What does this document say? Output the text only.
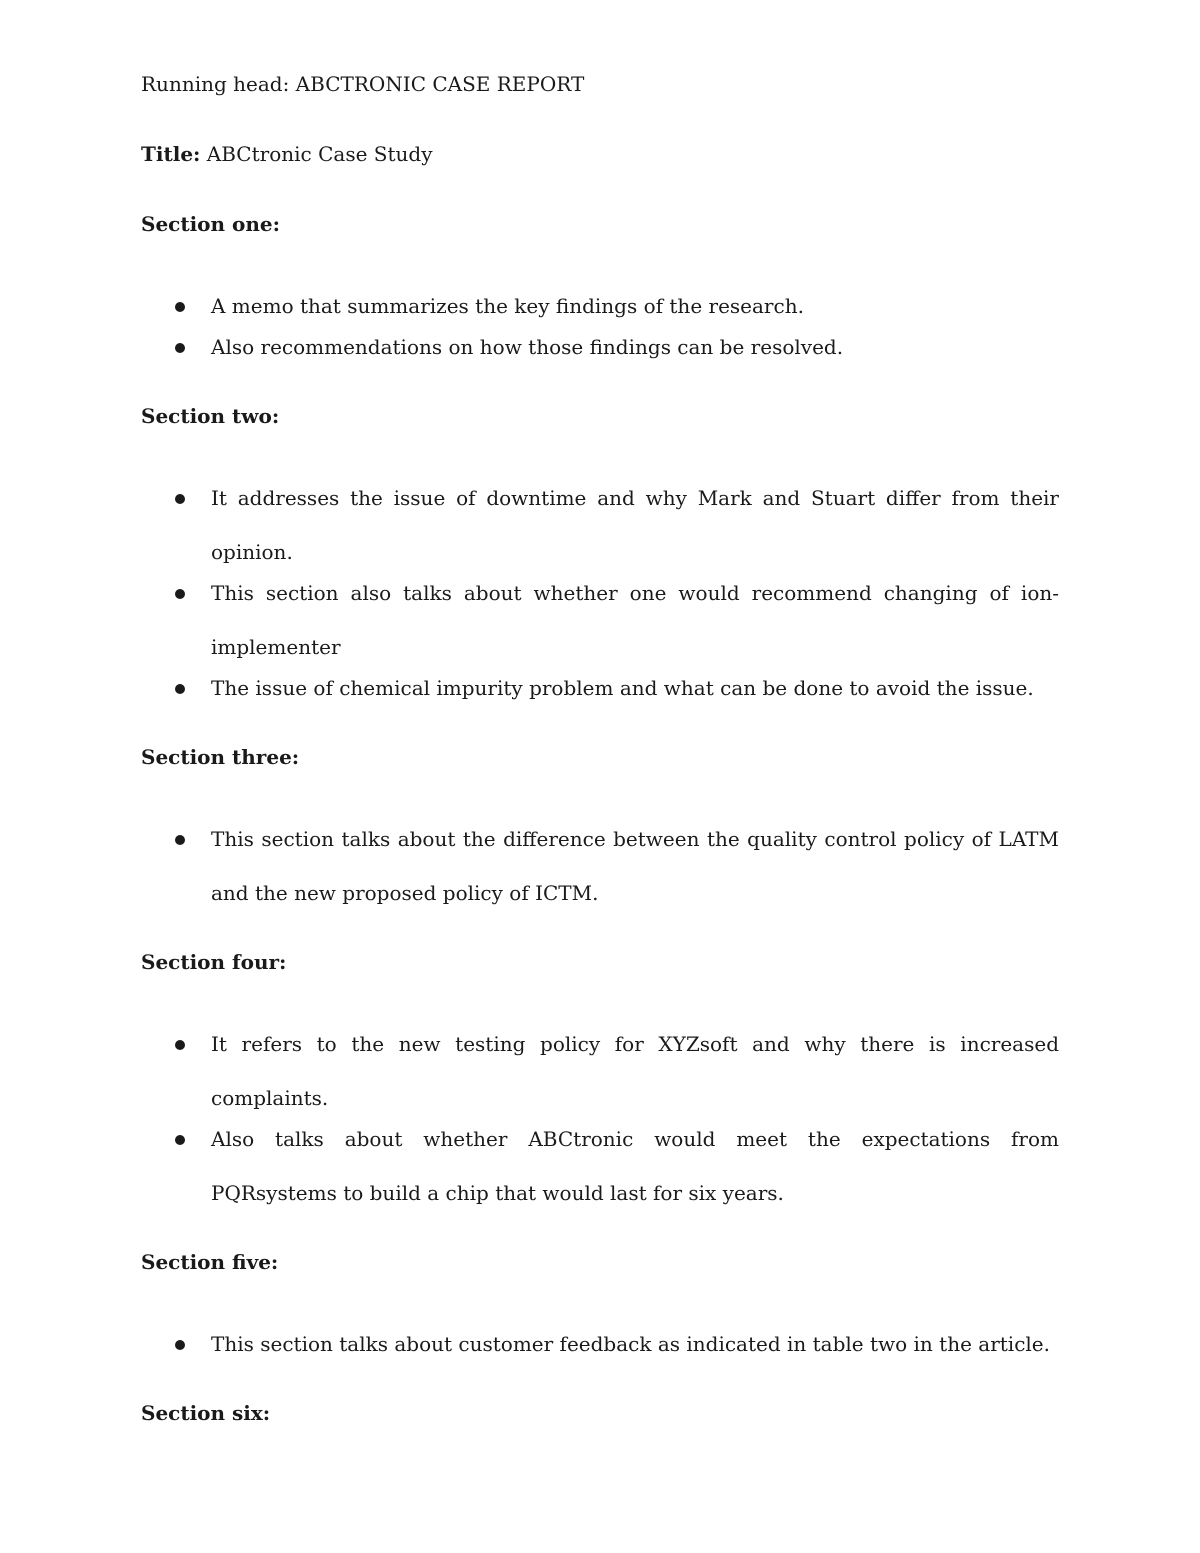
Running head: ABCTRONIC CASE REPORT

Title: ABCtronic Case Study

Section one:

A memo that summarizes the key findings of the research.
Also recommendations on how those findings can be resolved.

Section two:

It addresses the issue of downtime and why Mark and Stuart differ from their opinion.
This section also talks about whether one would recommend changing of ion-implementer
The issue of chemical impurity problem and what can be done to avoid the issue.

Section three:

This section talks about the difference between the quality control policy of LATM and the new proposed policy of ICTM.

Section four:

It refers to the new testing policy for XYZsoft and why there is increased complaints.
Also talks about whether ABCtronic would meet the expectations from PQRsystems to build a chip that would last for six years.

Section five:

This section talks about customer feedback as indicated in table two in the article.

Section six:
